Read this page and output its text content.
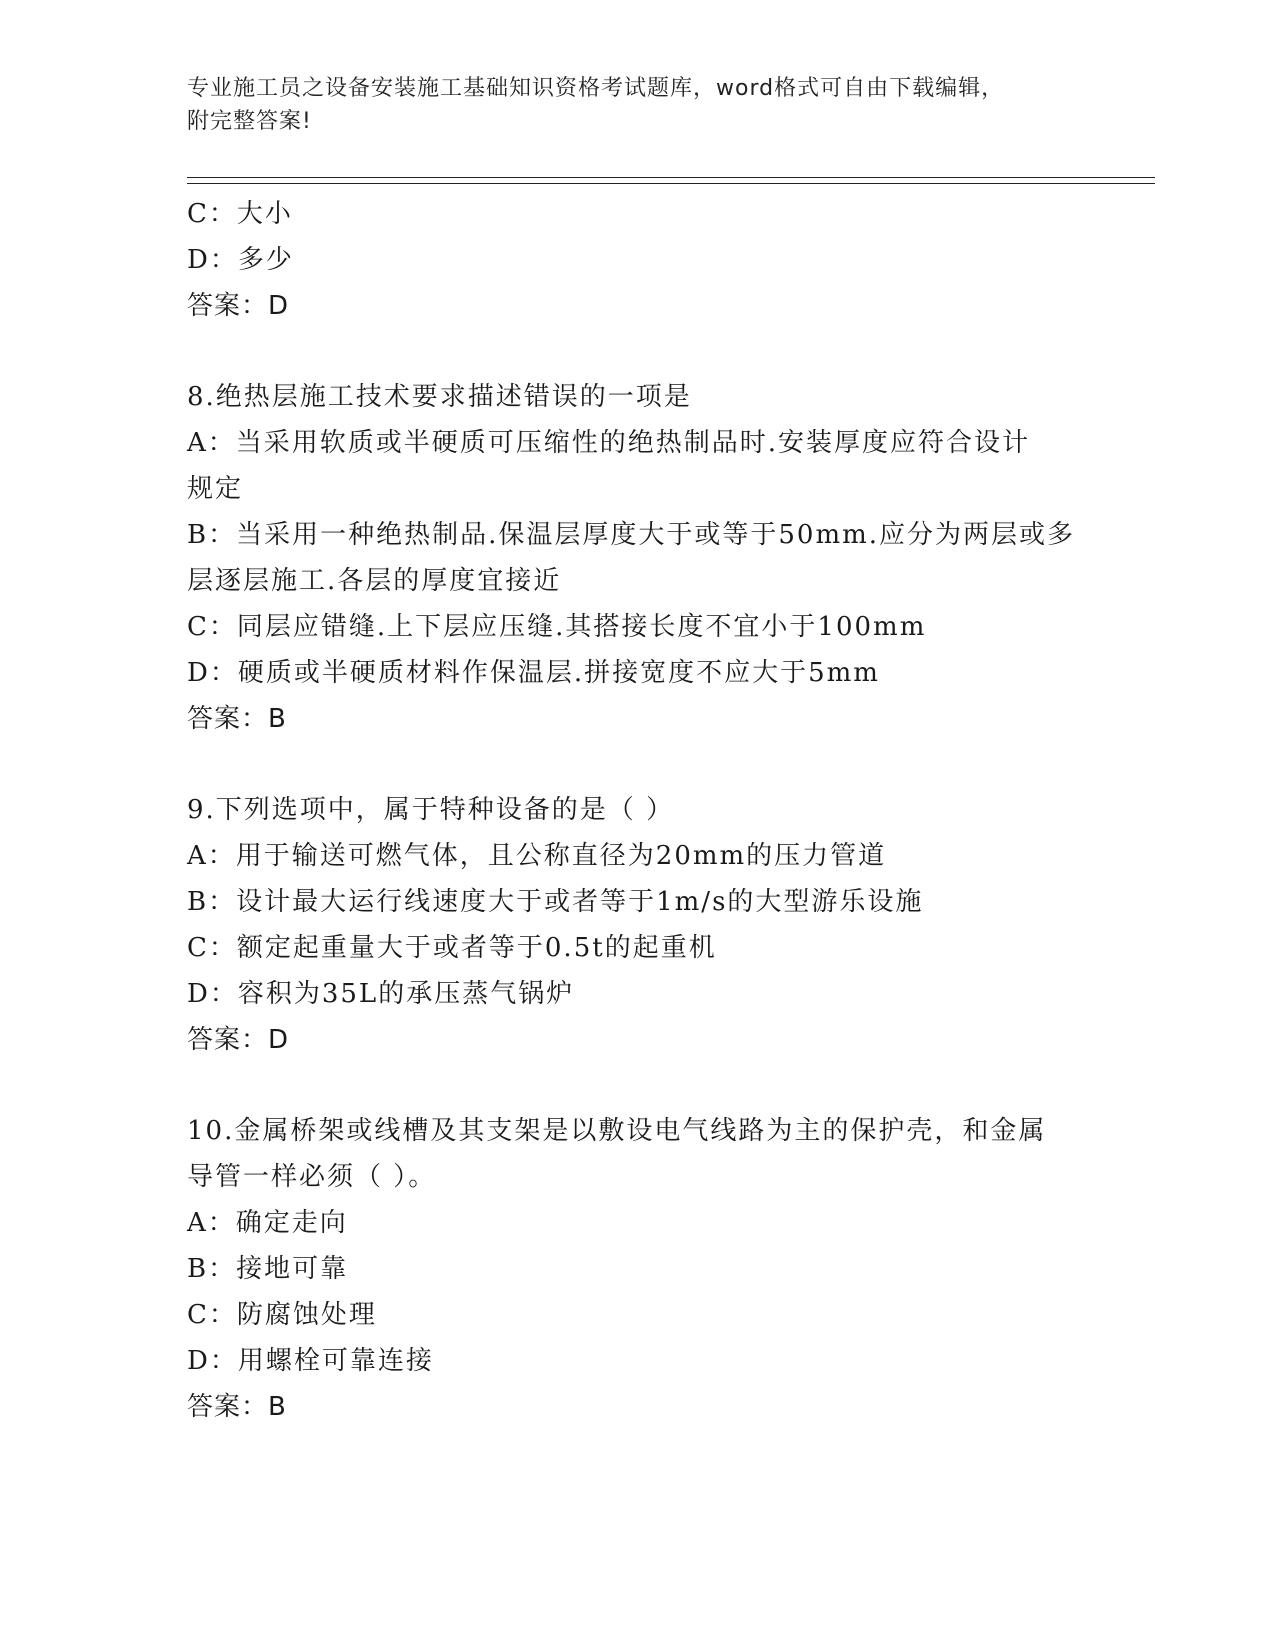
专业施工员之设备安装施工基础知识资格考试题库，word格式可自由下载编辑，
附完整答案!
C：大小
D：多少
答案：D
8.绝热层施工技术要求描述错误的一项是
A：当采用软质或半硬质可压缩性的绝热制品时.安装厚度应符合设计
规定
B：当采用一种绝热制品.保温层厚度大于或等于50mm.应分为两层或多
层逐层施工.各层的厚度宜接近
C：同层应错缝.上下层应压缝.其搭接长度不宜小于100mm
D：硬质或半硬质材料作保温层.拼接宽度不应大于5mm
答案：B
9.下列选项中，属于特种设备的是（ ）
A：用于输送可燃气体，且公称直径为20mm的压力管道
B：设计最大运行线速度大于或者等于1m/s的大型游乐设施
C：额定起重量大于或者等于0.5t的起重机
D：容积为35L的承压蒸气锅炉
答案：D
10.金属桥架或线槽及其支架是以敷设电气线路为主的保护壳，和金属
导管一样必须（ ）。
A：确定走向
B：接地可靠
C：防腐蚀处理
D：用螺栓可靠连接
答案：B
